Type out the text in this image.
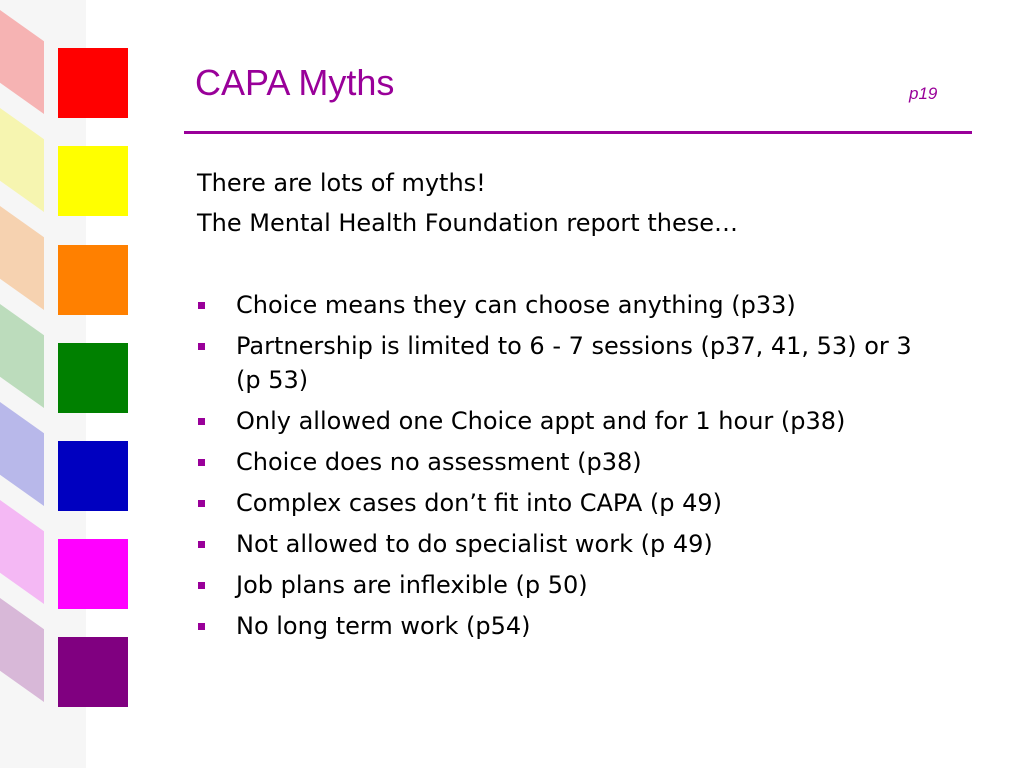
CAPA Myths	p19
There are lots of myths!
The Mental Health Foundation report these…
Choice means they can choose anything (p33)
Partnership is limited to 6 - 7 sessions (p37, 41, 53) or 3 (p 53)
Only allowed one Choice appt and for 1 hour (p38)
Choice does no assessment (p38)
Complex cases don’t fit into CAPA (p 49)
Not allowed to do specialist work (p 49)
Job plans are inflexible (p 50)
No long term work (p54)
